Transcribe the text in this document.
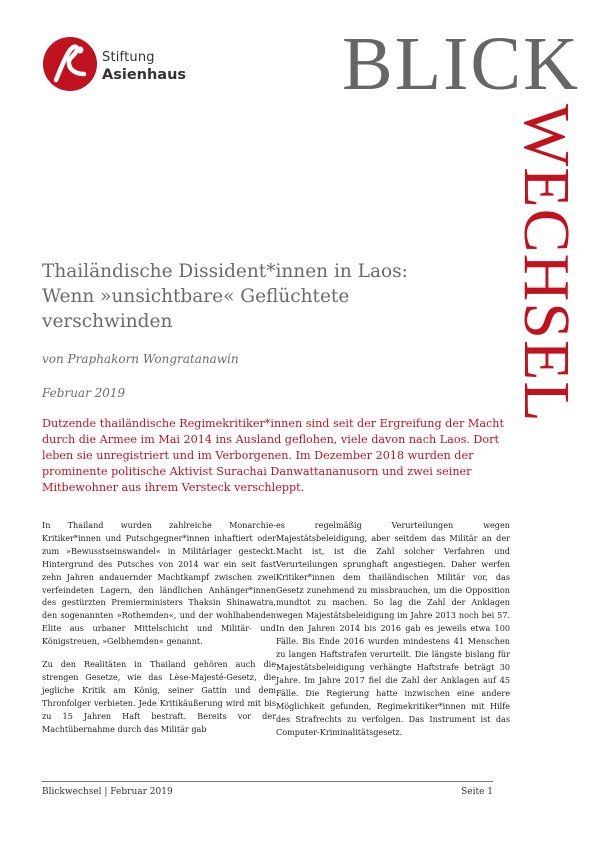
Stiftung
Asienhaus BLICK
WECHSEL
Thailändische Dissident*innen in Laos: Wenn »unsichtbare« Geflüchtete verschwinden
von Praphakorn Wongratanawin
Februar 2019

Dutzende thailändische Regimekritiker*innen sind seit der Ergreifung der Macht durch die Armee im Mai 2014 ins Ausland geflohen, viele davon nach Laos. Dort leben sie unregistriert und im Verborgenen. Im Dezember 2018 wurden der prominente politische Aktivist Surachai Danwattananusorn und zwei seiner Mitbewohner aus ihrem Versteck verschleppt.

In Thailand wurden zahlreiche Monarchie-Kritiker*innen und Putschgegner*innen inhaftiert oder zum »Bewusstseinswandel« in Militärlager gesteckt. Hintergrund des Putsches von 2014 war ein seit fast zehn Jahren andauernder Machtkampf zwischen zwei verfeindeten Lagern, den ländlichen Anhänger*innen des gestürzten Premierministers Thaksin Shinawatra, den sogenannten »Rothemden«, und der wohlhabenden Elite aus urbaner Mittelschicht und Militär- und Königstreuen, »Gelbhemden« genannt.

Zu den Realitäten in Thailand gehören auch die strengen Gesetze, wie das Lèse-Majesté-Gesetz, die jegliche Kritik am König, seiner Gattin und dem Thronfolger verbieten. Jede Kritikäußerung wird mit bis zu 15 Jahren Haft bestraft. Bereits vor der Machtübernahme durch das Militär gab

es regelmäßig Verurteilungen wegen Majestätsbeleidigung, aber seitdem das Militär an der Macht ist, ist die Zahl solcher Verfahren und Verurteilungen sprunghaft angestiegen. Daher werfen Kritiker*innen dem thailändischen Militär vor, das Gesetz zunehmend zu missbrauchen, um die Opposition mundtot zu machen. So lag die Zahl der Anklagen wegen Majestätsbeleidigung im Jahre 2013 noch bei 57. In den Jahren 2014 bis 2016 gab es jeweils etwa 100 Fälle. Bis Ende 2016 wurden mindestens 41 Menschen zu langen Haftstrafen verurteilt. Die längste bislang für Majestätsbeleidigung verhängte Haftstrafe beträgt 30 Jahre. Im Jahre 2017 fiel die Zahl der Anklagen auf 45 Fälle. Die Regierung hatte inzwischen eine andere Möglichkeit gefunden, Regimekritiker*innen mit Hilfe des Strafrechts zu verfolgen. Das Instrument ist das Computer-Kriminalitätsgesetz.

Blickwechsel | Februar 2019	Seite 1
